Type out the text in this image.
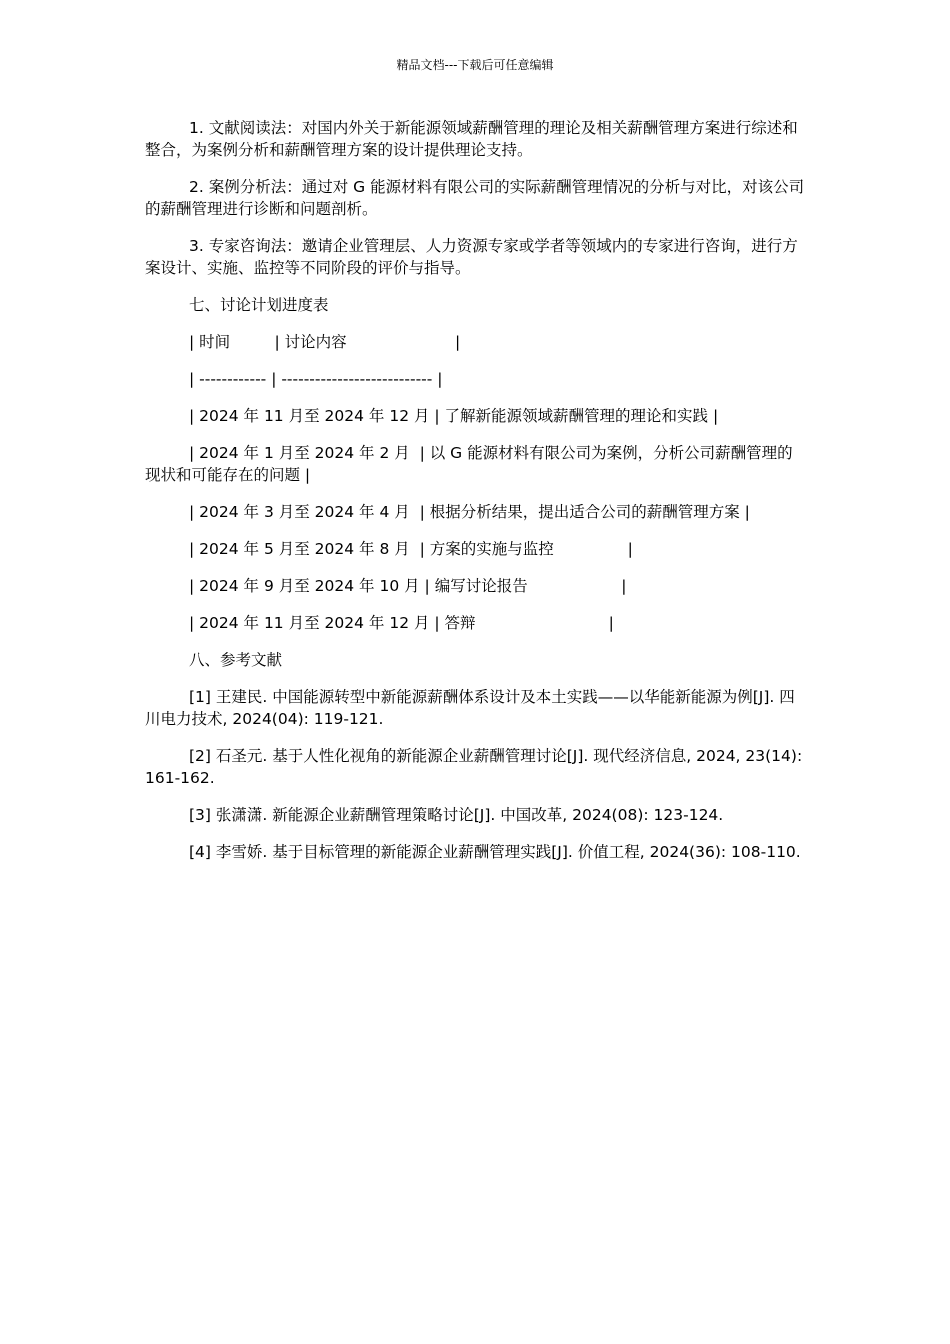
精品文档---下载后可任意编辑

1. 文献阅读法：对国内外关于新能源领域薪酬管理的理论及相关薪酬管理方案进行综述和整合，为案例分析和薪酬管理方案的设计提供理论支持。

2. 案例分析法：通过对 G 能源材料有限公司的实际薪酬管理情况的分析与对比，对该公司的薪酬管理进行诊断和问题剖析。

3. 专家咨询法：邀请企业管理层、人力资源专家或学者等领域内的专家进行咨询，进行方案设计、实施、监控等不同阶段的评价与指导。

七、讨论计划进度表

| 时间         | 讨论内容                      |

| ------------ | --------------------------- |

| 2024 年 11 月至 2024 年 12 月 | 了解新能源领域薪酬管理的理论和实践 |

| 2024 年 1 月至 2024 年 2 月  | 以 G 能源材料有限公司为案例，分析公司薪酬管理的现状和可能存在的问题 |

| 2024 年 3 月至 2024 年 4 月  | 根据分析结果，提出适合公司的薪酬管理方案 |

| 2024 年 5 月至 2024 年 8 月  | 方案的实施与监控               |

| 2024 年 9 月至 2024 年 10 月 | 编写讨论报告                   |

| 2024 年 11 月至 2024 年 12 月 | 答辩                           |

八、参考文献

[1] 王建民. 中国能源转型中新能源薪酬体系设计及本土实践——以华能新能源为例[J]. 四川电力技术, 2024(04): 119-121.

[2] 石圣元. 基于人性化视角的新能源企业薪酬管理讨论[J]. 现代经济信息, 2024, 23(14): 161-162.

[3] 张潇潇. 新能源企业薪酬管理策略讨论[J]. 中国改革, 2024(08): 123-124.

[4] 李雪娇. 基于目标管理的新能源企业薪酬管理实践[J]. 价值工程, 2024(36): 108-110.
